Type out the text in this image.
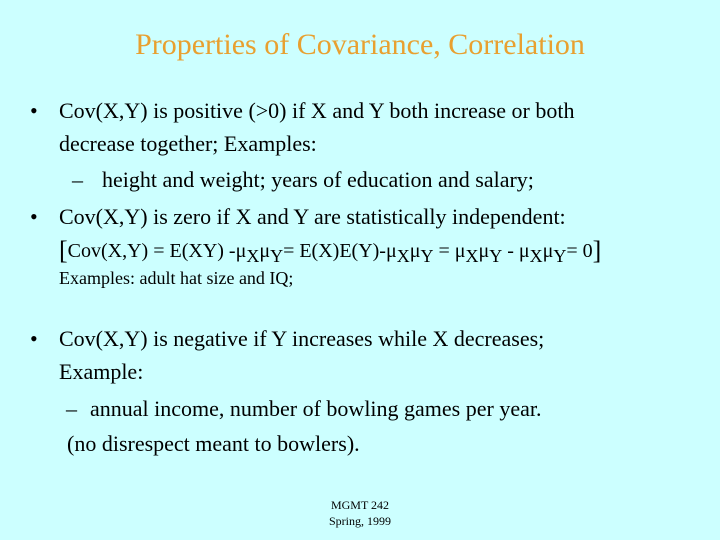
Properties of Covariance, Correlation
• Cov(X,Y) is positive (>0) if X and Y both increase or both
decrease together; Examples:
– height and weight; years of education and salary;
• Cov(X,Y) is zero if X and Y are statistically independent:
[Cov(X,Y) = E(XY) $-\mu_X\mu_Y= E(X)E(Y)-\mu_X\mu_Y = \mu_X\mu_Y - \mu_X\mu_Y= 0$]
Examples: adult hat size and IQ;
• Cov(X,Y) is negative if Y increases while X decreases;
Example:
– annual income, number of bowling games per year.
(no disrespect meant to bowlers).
MGMT 242
Spring, 1999
